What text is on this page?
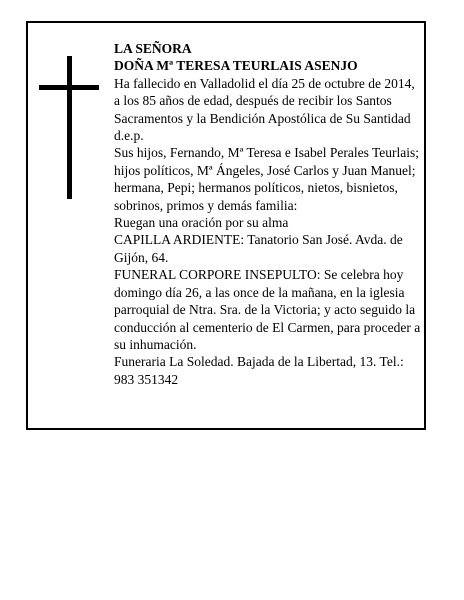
LA SEÑORA

DOÑA Mª TERESA TEURLAIS ASENJO

Ha fallecido en Valladolid el día 25 de octubre de 2014, a los 85 años de edad, después de recibir los Santos Sacramentos y la Bendición Apostólica de Su Santidad d.e.p.

Sus hijos, Fernando, Mª Teresa e Isabel Perales Teurlais; hijos políticos, Mª Ángeles, José Carlos y Juan Manuel; hermana, Pepi; hermanos políticos, nietos, bisnietos, sobrinos, primos y demás familia:

Ruegan una oración por su alma

CAPILLA ARDIENTE: Tanatorio San José. Avda. de Gijón, 64.

FUNERAL CORPORE INSEPULTO: Se celebra hoy domingo día 26, a las once de la mañana, en la iglesia parroquial de Ntra. Sra. de la Victoria; y acto seguido la conducción al cementerio de El Carmen, para proceder a su inhumación.

Funeraria La Soledad. Bajada de la Libertad, 13. Tel.: 983 351342
